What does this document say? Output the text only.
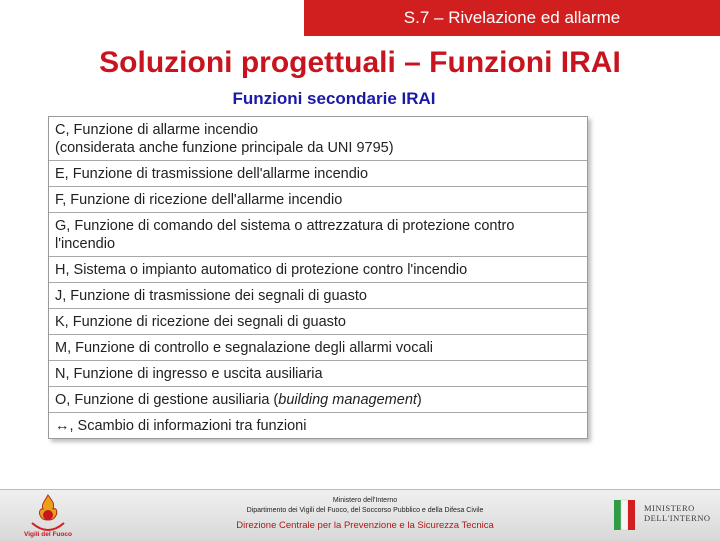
S.7 – Rivelazione ed allarme
Soluzioni progettuali – Funzioni IRAI
Funzioni secondarie IRAI
C, Funzione di allarme incendio
(considerata anche funzione principale da UNI 9795)
E, Funzione di trasmissione dell'allarme incendio
F, Funzione di ricezione dell'allarme incendio
G, Funzione di comando del sistema o attrezzatura di protezione contro
l'incendio
H, Sistema o impianto automatico di protezione contro l'incendio
J, Funzione di trasmissione dei segnali di guasto
K, Funzione di ricezione dei segnali di guasto
M, Funzione di controllo e segnalazione degli allarmi vocali
N, Funzione di ingresso e uscita ausiliaria
O, Funzione di gestione ausiliaria (building management)
↔, Scambio di informazioni tra funzioni
Vigili del Fuoco
Ministero dell'Interno
Dipartimento dei Vigili del Fuoco, del Soccorso Pubblico e della Difesa Civile
Direzione Centrale per la Prevenzione e la Sicurezza Tecnica
MINISTERO
DELL'INTERNO
